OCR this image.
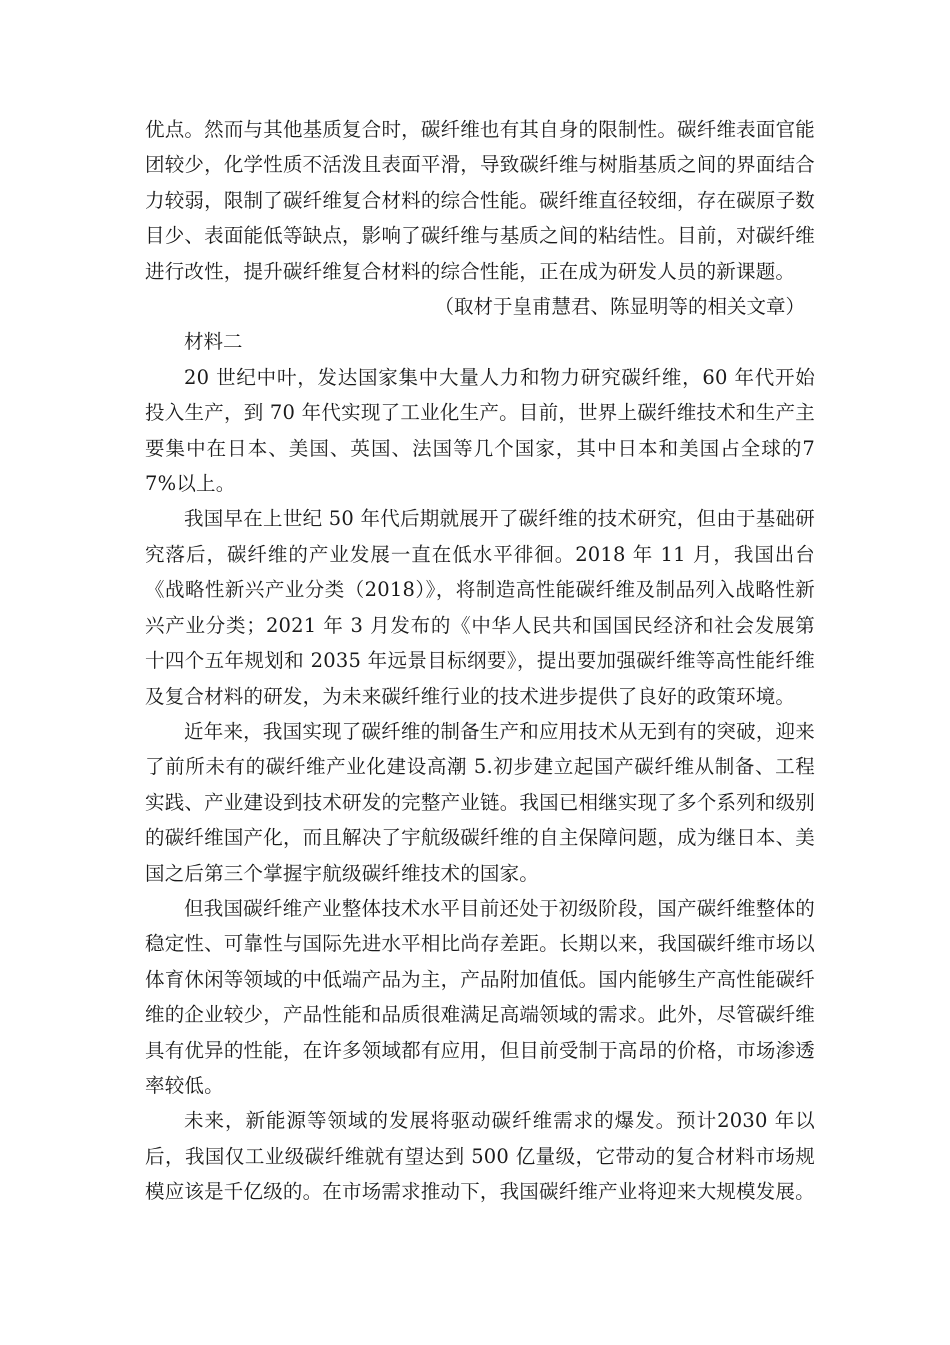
优点。然而与其他基质复合时，碳纤维也有其自身的限制性。碳纤维表面官能团较少，化学性质不活泼且表面平滑，导致碳纤维与树脂基质之间的界面结合力较弱，限制了碳纤维复合材料的综合性能。碳纤维直径较细，存在碳原子数目少、表面能低等缺点，影响了碳纤维与基质之间的粘结性。目前，对碳纤维进行改性，提升碳纤维复合材料的综合性能，正在成为研发人员的新课题。

（取材于皇甫慧君、陈显明等的相关文章）

材料二

20 世纪中叶，发达国家集中大量人力和物力研究碳纤维，60 年代开始投入生产，到 70 年代实现了工业化生产。目前，世界上碳纤维技术和生产主要集中在日本、美国、英国、法国等几个国家，其中日本和美国占全球的77%以上。

我国早在上世纪 50 年代后期就展开了碳纤维的技术研究，但由于基础研究落后，碳纤维的产业发展一直在低水平徘徊。2018 年 11 月，我国出台《战略性新兴产业分类（2018）》，将制造高性能碳纤维及制品列入战略性新兴产业分类；2021 年 3 月发布的《中华人民共和国国民经济和社会发展第十四个五年规划和 2035 年远景目标纲要》，提出要加强碳纤维等高性能纤维及复合材料的研发，为未来碳纤维行业的技术进步提供了良好的政策环境。

近年来，我国实现了碳纤维的制备生产和应用技术从无到有的突破，迎来了前所未有的碳纤维产业化建设高潮 5.初步建立起国产碳纤维从制备、工程实践、产业建设到技术研发的完整产业链。我国已相继实现了多个系列和级别的碳纤维国产化，而且解决了宇航级碳纤维的自主保障问题，成为继日本、美国之后第三个掌握宇航级碳纤维技术的国家。

但我国碳纤维产业整体技术水平目前还处于初级阶段，国产碳纤维整体的稳定性、可靠性与国际先进水平相比尚存差距。长期以来，我国碳纤维市场以体育休闲等领域的中低端产品为主，产品附加值低。国内能够生产高性能碳纤维的企业较少，产品性能和品质很难满足高端领域的需求。此外，尽管碳纤维具有优异的性能，在许多领域都有应用，但目前受制于高昂的价格，市场渗透率较低。

未来，新能源等领域的发展将驱动碳纤维需求的爆发。预计2030 年以后，我国仅工业级碳纤维就有望达到 500 亿量级，它带动的复合材料市场规模应该是千亿级的。在市场需求推动下，我国碳纤维产业将迎来大规模发展。
